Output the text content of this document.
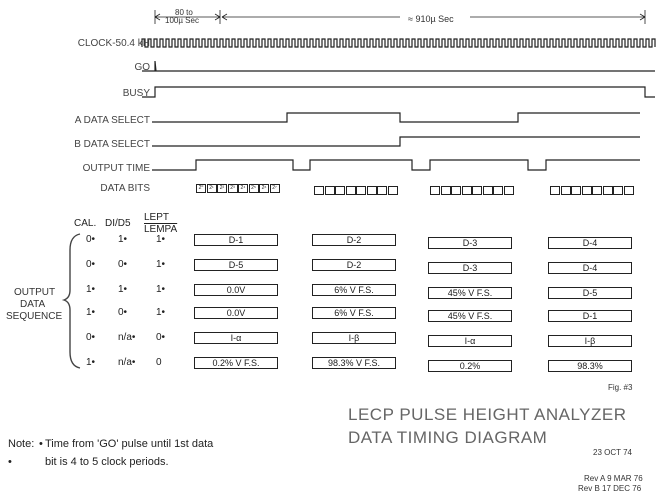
80 to
100µ Sec	≈ 910µ Sec
CLOCK-50.4 kH
GO
BUSY
A DATA SELECT
B DATA SELECT
OUTPUT TIME
DATA BITS	2⁰	2¹	2²	2³	2⁴	2⁵	2⁶	2⁷
CAL. DI/D5
LEPT
LEMPA
OUTPUT
DATA
SEQUENCE
0• 1•	1•	D-1	D-2	D-3	D-4
0• 0•	1•	D-5	D-2	D-3	D-4
1• 1•	1•	0.0V	6% V F.S.	45% V F.S.	D-5
1• 0•	1•	0.0V	6% V F.S.	45% V F.S.	D-1
0• n/a• 0•	I-α	I-β	I-α	I-β
1• n/a• 0	0.2% V F.S.	98.3% V F.S.	0.2%	98.3%
Fig. #3
LECP PULSE HEIGHT ANALYZER
DATA TIMING DIAGRAM
23 OCT 74
Rev A 9 MAR 76
Rev B 17 DEC 76
Note: • Time from 'GO' pulse until 1st data
•	bit is 4 to 5 clock periods.
